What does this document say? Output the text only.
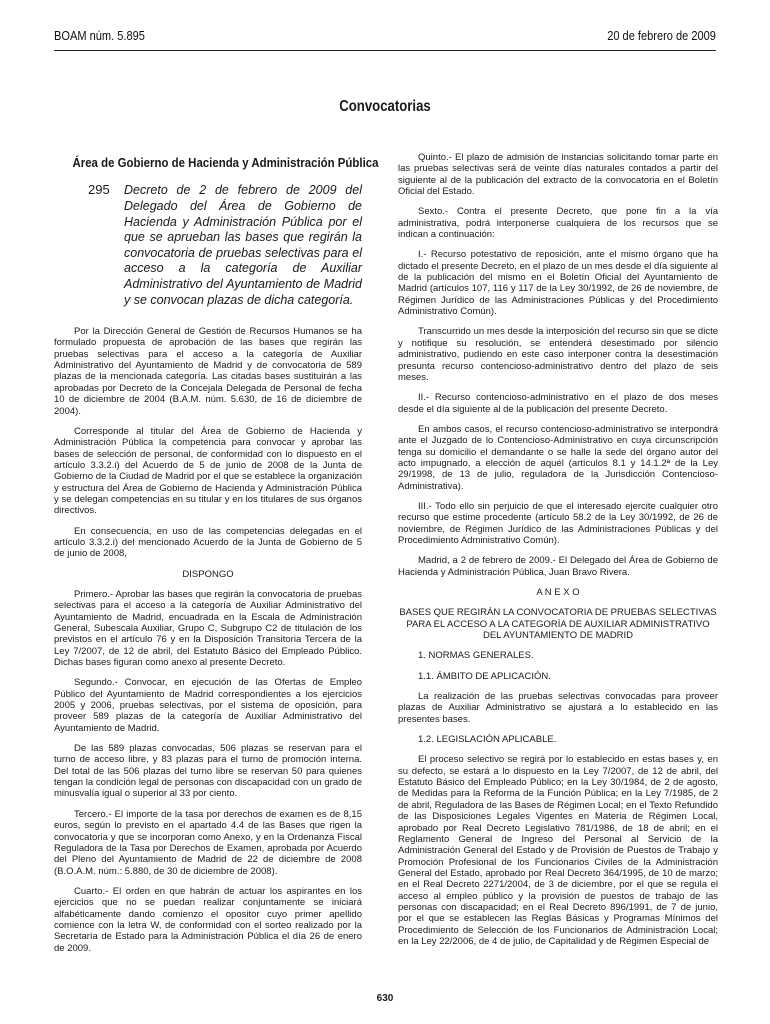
BOAM núm. 5.895	20 de febrero de 2009
Convocatorias
Área de Gobierno de Hacienda y Administración Pública
295	Decreto de 2 de febrero de 2009 del Delegado del Área de Gobierno de Hacienda y Administración Pública por el que se aprueban las bases que regirán la convocatoria de pruebas selectivas para el acceso a la categoría de Auxiliar Administrativo del Ayuntamiento de Madrid y se convocan plazas de dicha categoría.

Por la Dirección General de Gestión de Recursos Humanos se ha formulado propuesta de aprobación de las bases que regirán las pruebas selectivas para el acceso a la categoría de Auxiliar Administrativo del Ayuntamiento de Madrid y de convocatoria de 589 plazas de la mencionada categoría. Las citadas bases sustituirán a las aprobadas por Decreto de la Concejala Delegada de Personal de fecha 10 de diciembre de 2004 (B.A.M. núm. 5.630, de 16 de diciembre de 2004).

Corresponde al titular del Área de Gobierno de Hacienda y Administración Pública la competencia para convocar y aprobar las bases de selección de personal, de conformidad con lo dispuesto en el artículo 3.3.2.i) del Acuerdo de 5 de junio de 2008 de la Junta de Gobierno de la Ciudad de Madrid por el que se establece la organización y estructura del Área de Gobierno de Hacienda y Administración Pública y se delegan competencias en su titular y en los titulares de sus órganos directivos.

En consecuencia, en uso de las competencias delegadas en el artículo 3.3.2.i) del mencionado Acuerdo de la Junta de Gobierno de 5 de junio de 2008,

DISPONGO

Primero.- Aprobar las bases que regirán la convocatoria de pruebas selectivas para el acceso a la categoría de Auxiliar Administrativo del Ayuntamiento de Madrid, encuadrada en la Escala de Administración General, Subescala Auxiliar, Grupo C, Subgrupo C2 de titulación de los previstos en el artículo 76 y en la Disposición Transitoria Tercera de la Ley 7/2007, de 12 de abril, del Estatuto Básico del Empleado Público. Dichas bases figuran como anexo al presente Decreto.

Segundo.- Convocar, en ejecución de las Ofertas de Empleo Público del Ayuntamiento de Madrid correspondientes a los ejercicios 2005 y 2006, pruebas selectivas, por el sistema de oposición, para proveer 589 plazas de la categoría de Auxiliar Administrativo del Ayuntamiento de Madrid.

De las 589 plazas convocadas, 506 plazas se reservan para el turno de acceso libre, y 83 plazas para el turno de promoción interna. Del total de las 506 plazas del turno libre se reservan 50 para quienes tengan la condición legal de personas con discapacidad con un grado de minusvalía igual o superior al 33 por ciento.

Tercero.- El importe de la tasa por derechos de examen es de 8,15 euros, según lo previsto en el apartado 4.4 de las Bases que rigen la convocatoria y que se incorporan como Anexo, y en la Ordenanza Fiscal Reguladora de la Tasa por Derechos de Examen, aprobada por Acuerdo del Pleno del Ayuntamiento de Madrid de 22 de diciembre de 2008 (B.O.A.M. núm.: 5.880, de 30 de diciembre de 2008).

Cuarto.- El orden en que habrán de actuar los aspirantes en los ejercicios que no se puedan realizar conjuntamente se iniciará alfabéticamente dando comienzo el opositor cuyo primer apellido comience con la letra W, de conformidad con el sorteo realizado por la Secretaría de Estado para la Administración Pública el día 26 de enero de 2009.

Quinto.- El plazo de admisión de instancias solicitando tomar parte en las pruebas selectivas será de veinte días naturales contados a partir del siguiente al de la publicación del extracto de la convocatoria en el Boletín Oficial del Estado.

Sexto.- Contra el presente Decreto, que pone fin a la vía administrativa, podrá interponerse cualquiera de los recursos que se indican a continuación:

I.- Recurso potestativo de reposición, ante el mismo órgano que ha dictado el presente Decreto, en el plazo de un mes desde el día siguiente al de la publicación del mismo en el Boletín Oficial del Ayuntamiento de Madrid (artículos 107, 116 y 117 de la Ley 30/1992, de 26 de noviembre, de Régimen Jurídico de las Administraciones Públicas y del Procedimiento Administrativo Común).

Transcurrido un mes desde la interposición del recurso sin que se dicte y notifique su resolución, se entenderá desestimado por silencio administrativo, pudiendo en este caso interponer contra la desestimación presunta recurso contencioso-administrativo dentro del plazo de seis meses.

II.- Recurso contencioso-administrativo en el plazo de dos meses desde el día siguiente al de la publicación del presente Decreto.

En ambos casos, el recurso contencioso-administrativo se interpondrá ante el Juzgado de lo Contencioso-Administrativo en cuya circunscripción tenga su domicilio el demandante o se halle la sede del órgano autor del acto impugnado, a elección de aquél (artículos 8.1 y 14.1.2ª de la Ley 29/1998, de 13 de julio, reguladora de la Jurisdicción Contencioso-Administrativa).

III.- Todo ello sin perjuicio de que el interesado ejercite cualquier otro recurso que estime procedente (artículo 58.2 de la Ley 30/1992, de 26 de noviembre, de Régimen Jurídico de las Administraciones Públicas y del Procedimiento Administrativo Común).

Madrid, a 2 de febrero de 2009.- El Delegado del Área de Gobierno de Hacienda y Administración Pública, Juan Bravo Rivera.

A N E X O

BASES QUE REGIRÁN LA CONVOCATORIA DE PRUEBAS SELECTIVAS PARA EL ACCESO A LA CATEGORÍA DE AUXILIAR ADMINISTRATIVO DEL AYUNTAMIENTO DE MADRID

1. NORMAS GENERALES.

1.1. ÁMBITO DE APLICACIÓN.

La realización de las pruebas selectivas convocadas para proveer plazas de Auxiliar Administrativo se ajustará a lo establecido en las presentes bases.

1.2. LEGISLACIÓN APLICABLE.

El proceso selectivo se regirá por lo establecido en estas bases y, en su defecto, se estará a lo dispuesto en la Ley 7/2007, de 12 de abril, del Estatuto Básico del Empleado Público; en la Ley 30/1984, de 2 de agosto, de Medidas para la Reforma de la Función Pública; en la Ley 7/1985, de 2 de abril, Reguladora de las Bases de Régimen Local; en el Texto Refundido de las Disposiciones Legales Vigentes en Materia de Régimen Local, aprobado por Real Decreto Legislativo 781/1986, de 18 de abril; en el Reglamento General de Ingreso del Personal al Servicio de la Administración General del Estado y de Provisión de Puestos de Trabajo y Promoción Profesional de los Funcionarios Civiles de la Administración General del Estado, aprobado por Real Decreto 364/1995, de 10 de marzo; en el Real Decreto 2271/2004, de 3 de diciembre, por el que se regula el acceso al empleo público y la provisión de puestos de trabajo de las personas con discapacidad; en el Real Decreto 896/1991, de 7 de junio, por el que se establecen las Reglas Básicas y Programas Mínimos del Procedimiento de Selección de los Funcionarios de Administración Local; en la Ley 22/2006, de 4 de julio, de Capitalidad y de Régimen Especial de

630
